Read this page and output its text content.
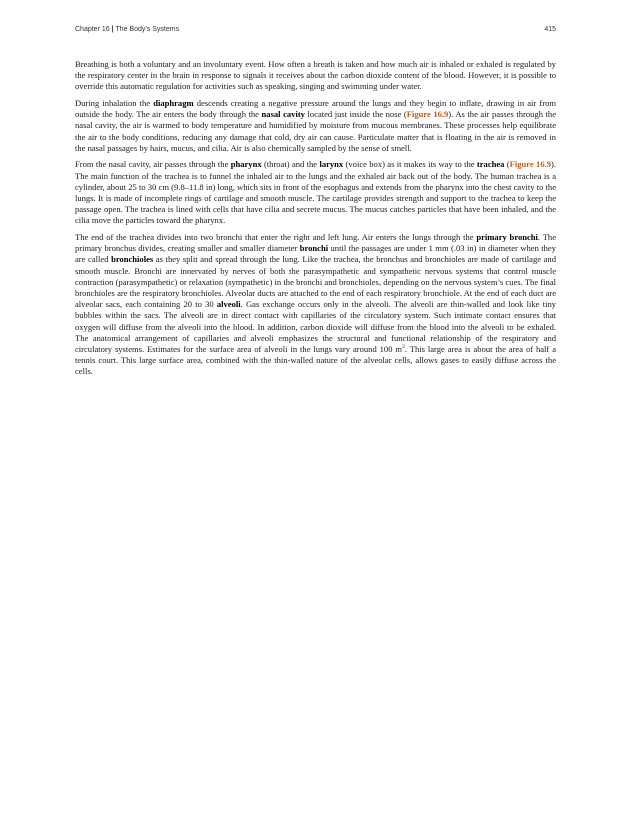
Chapter 16 | The Body’s Systems	415

Breathing is both a voluntary and an involuntary event. How often a breath is taken and how much air is inhaled or exhaled is regulated by the respiratory center in the brain in response to signals it receives about the carbon dioxide content of the blood. However, it is possible to override this automatic regulation for activities such as speaking, singing and swimming under water.

During inhalation the diaphragm descends creating a negative pressure around the lungs and they begin to inflate, drawing in air from outside the body. The air enters the body through the nasal cavity located just inside the nose (Figure 16.9). As the air passes through the nasal cavity, the air is warmed to body temperature and humidified by moisture from mucous membranes. These processes help equilibrate the air to the body conditions, reducing any damage that cold, dry air can cause. Particulate matter that is floating in the air is removed in the nasal passages by hairs, mucus, and cilia. Air is also chemically sampled by the sense of smell.

From the nasal cavity, air passes through the pharynx (throat) and the larynx (voice box) as it makes its way to the trachea (Figure 16.9). The main function of the trachea is to funnel the inhaled air to the lungs and the exhaled air back out of the body. The human trachea is a cylinder, about 25 to 30 cm (9.8–11.8 in) long, which sits in front of the esophagus and extends from the pharynx into the chest cavity to the lungs. It is made of incomplete rings of cartilage and smooth muscle. The cartilage provides strength and support to the trachea to keep the passage open. The trachea is lined with cells that have cilia and secrete mucus. The mucus catches particles that have been inhaled, and the cilia move the particles toward the pharynx.

The end of the trachea divides into two bronchi that enter the right and left lung. Air enters the lungs through the primary bronchi. The primary bronchus divides, creating smaller and smaller diameter bronchi until the passages are under 1 mm (.03 in) in diameter when they are called bronchioles as they split and spread through the lung. Like the trachea, the bronchus and bronchioles are made of cartilage and smooth muscle. Bronchi are innervated by nerves of both the parasympathetic and sympathetic nervous systems that control muscle contraction (parasympathetic) or relaxation (sympathetic) in the bronchi and bronchioles, depending on the nervous system’s cues. The final bronchioles are the respiratory bronchioles. Alveolar ducts are attached to the end of each respiratory bronchiole. At the end of each duct are alveolar sacs, each containing 20 to 30 alveoli. Gas exchange occurs only in the alveoli. The alveoli are thin-walled and look like tiny bubbles within the sacs. The alveoli are in direct contact with capillaries of the circulatory system. Such intimate contact ensures that oxygen will diffuse from the alveoli into the blood. In addition, carbon dioxide will diffuse from the blood into the alveoli to be exhaled. The anatomical arrangement of capillaries and alveoli emphasizes the structural and functional relationship of the respiratory and circulatory systems. Estimates for the surface area of alveoli in the lungs vary around 100 $m^2$. This large area is about the area of half a tennis court. This large surface area, combined with the thin-walled nature of the alveolar cells, allows gases to easily diffuse across the cells.
